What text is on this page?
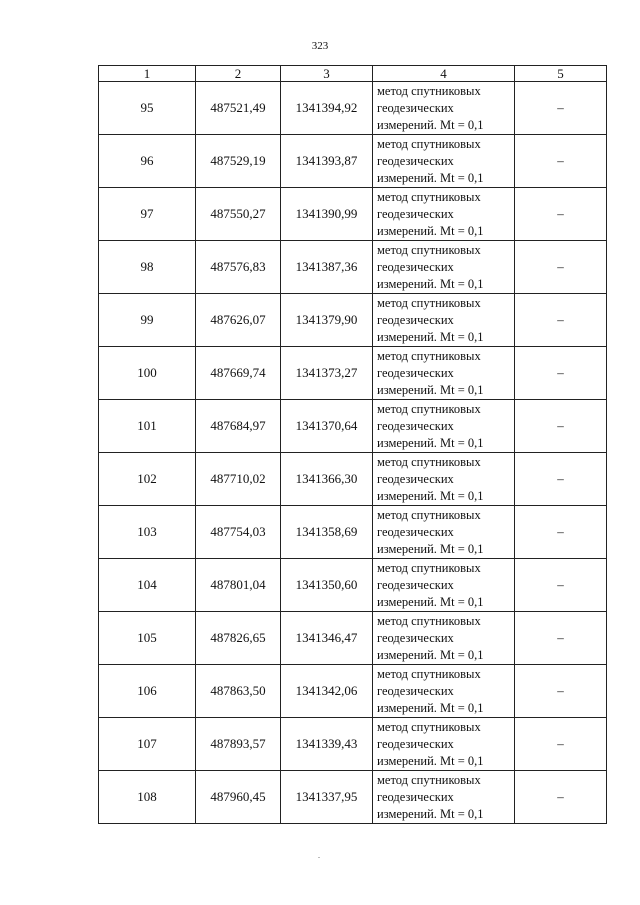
323
1	2	3	4	5
95	487521,49	1341394,92	метод спутниковых
геодезических
измерений. Mt = 0,1	–
96	487529,19	1341393,87	метод спутниковых
геодезических
измерений. Mt = 0,1	–
97	487550,27	1341390,99	метод спутниковых
геодезических
измерений. Mt = 0,1	–
98	487576,83	1341387,36	метод спутниковых
геодезических
измерений. Mt = 0,1	–
99	487626,07	1341379,90	метод спутниковых
геодезических
измерений. Mt = 0,1	–
100	487669,74	1341373,27	метод спутниковых
геодезических
измерений. Mt = 0,1	–
101	487684,97	1341370,64	метод спутниковых
геодезических
измерений. Mt = 0,1	–
102	487710,02	1341366,30	метод спутниковых
геодезических
измерений. Mt = 0,1	–
103	487754,03	1341358,69	метод спутниковых
геодезических
измерений. Mt = 0,1	–
104	487801,04	1341350,60	метод спутниковых
геодезических
измерений. Mt = 0,1	–
105	487826,65	1341346,47	метод спутниковых
геодезических
измерений. Mt = 0,1	–
106	487863,50	1341342,06	метод спутниковых
геодезических
измерений. Mt = 0,1	–
107	487893,57	1341339,43	метод спутниковых
геодезических
измерений. Mt = 0,1	–
108	487960,45	1341337,95	метод спутниковых
геодезических
измерений. Mt = 0,1	–
